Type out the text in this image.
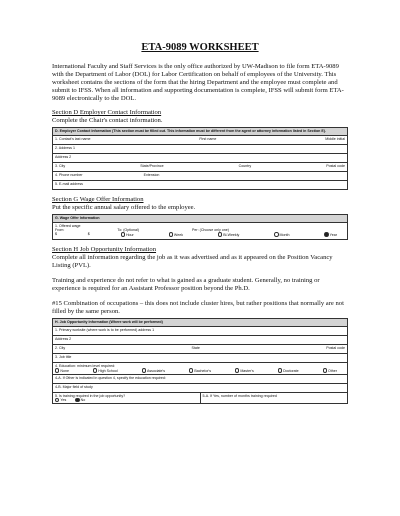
ETA-9089 WORKSHEET
International Faculty and Staff Services is the only office authorized by UW-Madison to file form ETA-9089 with the Department of Labor (DOL) for Labor Certification on behalf of employees of the University. This worksheet contains the sections of the form that the hiring Department and the employee must complete and submit to IFSS. When all information and supporting documentation is complete, IFSS will submit form ETA-9089 electronically to the DOL.
Section D Employer Contact Information
Complete the Chair's contact information.
D. Employer Contact Information (This section must be filled out. This information must be different from the agent or attorney information listed in Section E).

1. Contact's last name	First name	Middle initial

2. Address 1
Address 2

3. City	State/Province	Country	Postal code

4. Phone number	Extension
5. E-mail address
Section G Wage Offer Information
Put the specific annual salary offered to the employee.
G. Wage Offer Information

1. Offered wage
From:	To: (Optional)	Per: (Choose only one)
$	$	Hour	Week	Bi-Weekly	Month	Year
Section H Job Opportunity Information
Complete all information regarding the job as it was advertised and as it appeared on the Position Vacancy Listing (PVL).
Training and experience do not refer to what is gained as a graduate student. Generally, no training or experience is required for an Assistant Professor position beyond the Ph.D.
#15 Combination of occupations – this does not include cluster hires, but rather positions that normally are not filled by the same person.
H. Job Opportunity Information (Where work will be performed)
1. Primary worksite (where work is to be performed) address 1
Address 2

2. City	State	Postal code

3. Job title

4. Education: minimum level required:
None	High School	Associate's	Bachelor's	Master's	Doctorate	Other

4-A. If Other is indicated in question 4, specify the education required:
4-B. Major field of study

5. Is training required in the job opportunity?
Yes	No
	5-A. If Yes, number of months training required
